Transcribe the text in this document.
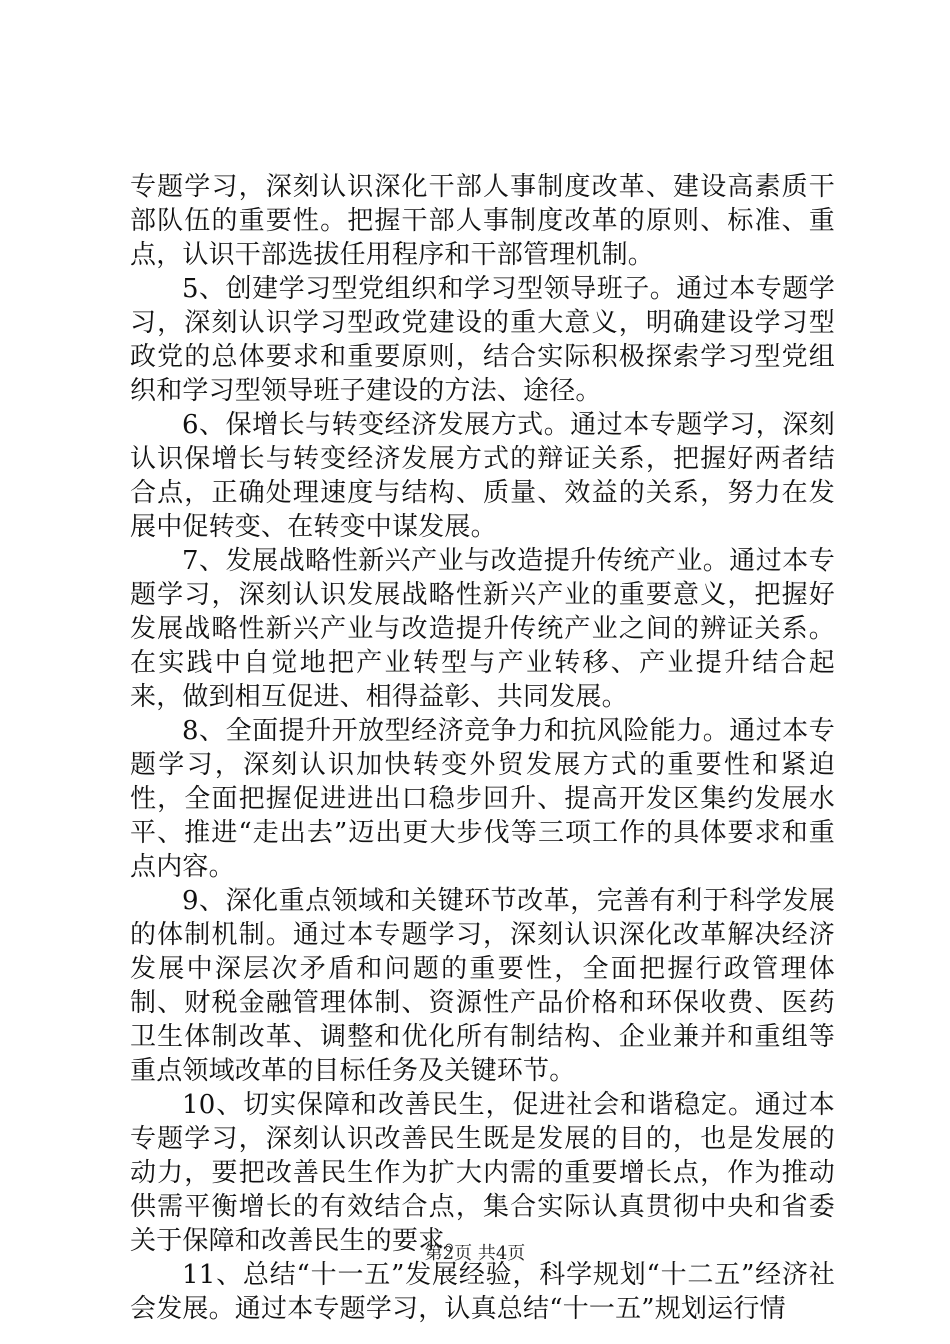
专题学习，深刻认识深化干部人事制度改革、建设高素质干部队伍的重要性。把握干部人事制度改革的原则、标准、重点，认识干部选拔任用程序和干部管理机制。

5、创建学习型党组织和学习型领导班子。通过本专题学习，深刻认识学习型政党建设的重大意义，明确建设学习型政党的总体要求和重要原则，结合实际积极探索学习型党组织和学习型领导班子建设的方法、途径。

6、保增长与转变经济发展方式。通过本专题学习，深刻认识保增长与转变经济发展方式的辩证关系，把握好两者结合点，正确处理速度与结构、质量、效益的关系，努力在发展中促转变、在转变中谋发展。

7、发展战略性新兴产业与改造提升传统产业。通过本专题学习，深刻认识发展战略性新兴产业的重要意义，把握好发展战略性新兴产业与改造提升传统产业之间的辨证关系。在实践中自觉地把产业转型与产业转移、产业提升结合起来，做到相互促进、相得益彰、共同发展。

8、全面提升开放型经济竞争力和抗风险能力。通过本专题学习，深刻认识加快转变外贸发展方式的重要性和紧迫性，全面把握促进进出口稳步回升、提高开发区集约发展水平、推进“走出去”迈出更大步伐等三项工作的具体要求和重点内容。

9、深化重点领域和关键环节改革，完善有利于科学发展的体制机制。通过本专题学习，深刻认识深化改革解决经济发展中深层次矛盾和问题的重要性，全面把握行政管理体制、财税金融管理体制、资源性产品价格和环保收费、医药卫生体制改革、调整和优化所有制结构、企业兼并和重组等重点领域改革的目标任务及关键环节。

10、切实保障和改善民生，促进社会和谐稳定。通过本专题学习，深刻认识改善民生既是发展的目的，也是发展的动力，要把改善民生作为扩大内需的重要增长点，作为推动供需平衡增长的有效结合点，集合实际认真贯彻中央和省委关于保障和改善民生的要求。

11、总结“十一五”发展经验，科学规划“十二五”经济社会发展。通过本专题学习，认真总结“十一五”规划运行情

第2页 共4页
